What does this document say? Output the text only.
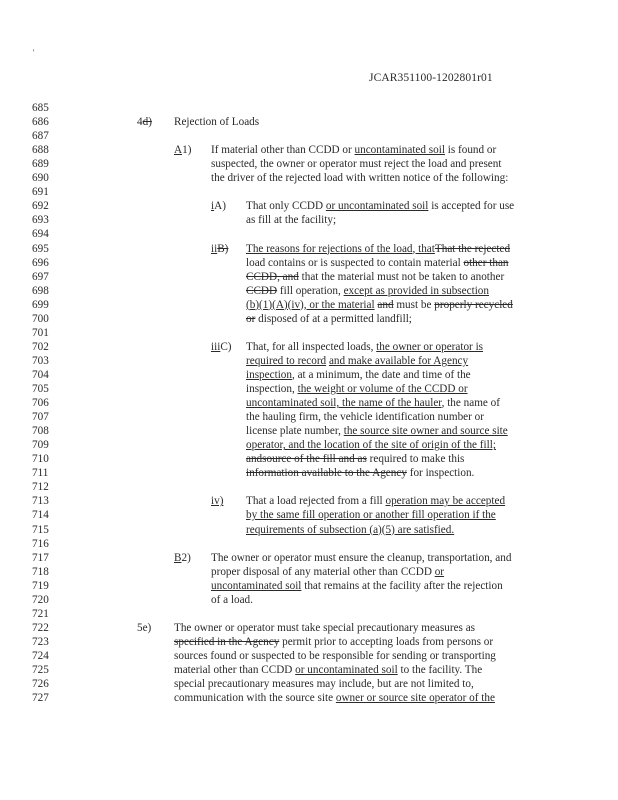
'
JCAR351100-1202801r01
685
686	4d) Rejection of Loads
687
688	A1) If material other than CCDD or uncontaminated soil is found or
689	suspected, the owner or operator must reject the load and present
690	the driver of the rejected load with written notice of the following:
691
692	iA) That only CCDD or uncontaminated soil is accepted for use
693	as fill at the facility;
694
695	iiB) The reasons for rejections of the load, thatThat the rejected
696	load contains or is suspected to contain material other than
697	CCDD, and that the material must not be taken to another
698	CCDD fill operation, except as provided in subsection
699	(b)(1)(A)(iv), or the material and must be properly recycled
700	or disposed of at a permitted landfill;
701
702	iiiC) That, for all inspected loads, the owner or operator is
703	required to record and make available for Agency
704	inspection, at a minimum, the date and time of the
705	inspection, the weight or volume of the CCDD or
706	uncontaminated soil, the name of the hauler, the name of
707	the hauling firm, the vehicle identification number or
708	license plate number, the source site owner and source site
709	operator, and the location of the site of origin of the fill;
710	andsource of the fill and as required to make this
711	information available to the Agency for inspection.
712
713	iv) That a load rejected from a fill operation may be accepted
714	by the same fill operation or another fill operation if the
715	requirements of subsection (a)(5) are satisfied.
716
717	B2) The owner or operator must ensure the cleanup, transportation, and
718	proper disposal of any material other than CCDD or
719	uncontaminated soil that remains at the facility after the rejection
720	of a load.
721
722	5e) The owner or operator must take special precautionary measures as
723	specified in the Agency permit prior to accepting loads from persons or
724	sources found or suspected to be responsible for sending or transporting
725	material other than CCDD or uncontaminated soil to the facility. The
726	special precautionary measures may include, but are not limited to,
727	communication with the source site owner or source site operator of the
